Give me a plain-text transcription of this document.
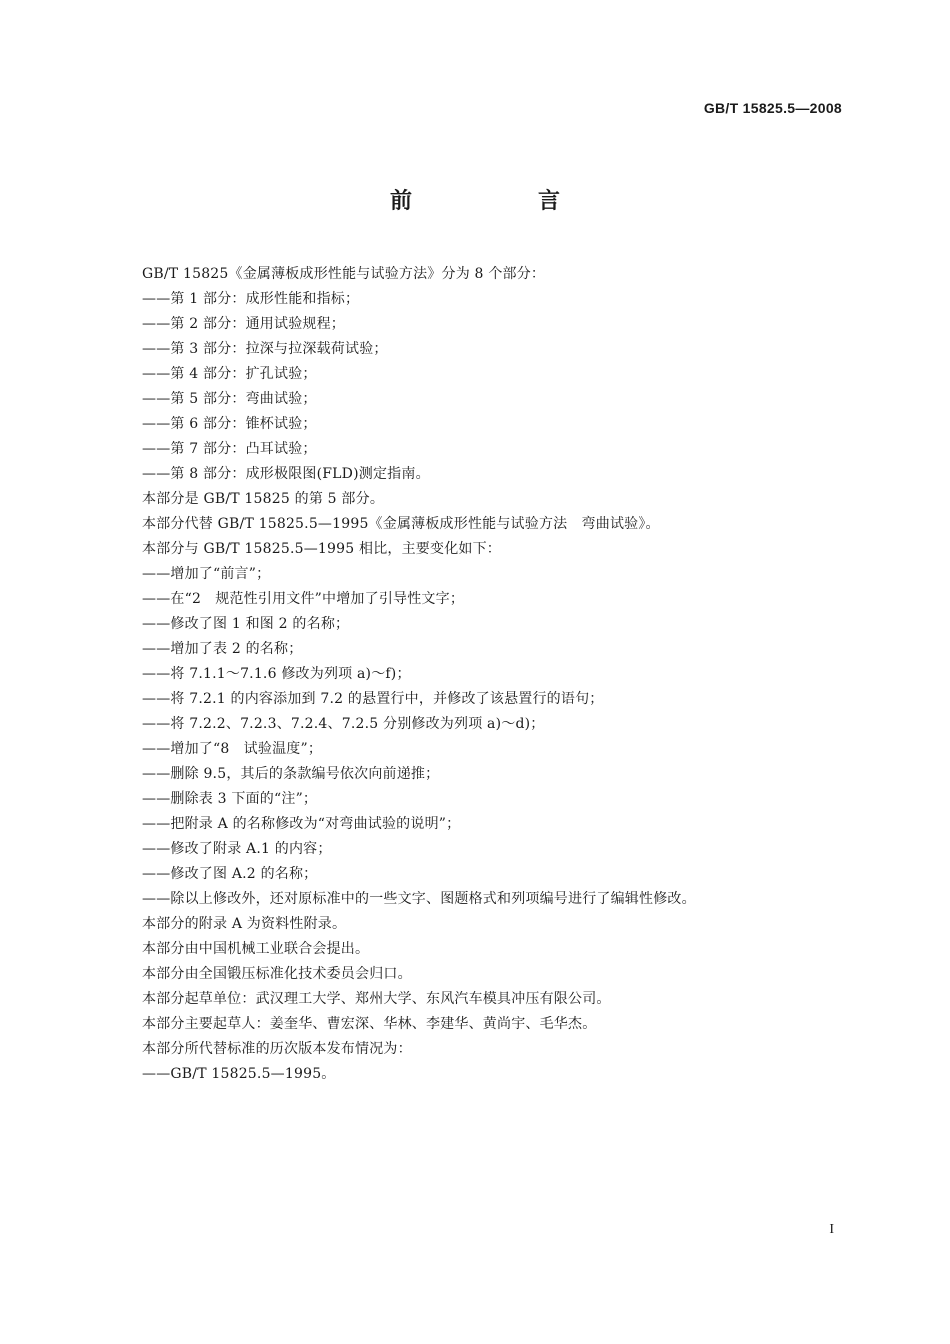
GB/T 15825.5—2008
前　言
GB/T 15825《金属薄板成形性能与试验方法》分为 8 个部分：
——第 1 部分：成形性能和指标；
——第 2 部分：通用试验规程；
——第 3 部分：拉深与拉深载荷试验；
——第 4 部分：扩孔试验；
——第 5 部分：弯曲试验；
——第 6 部分：锥杯试验；
——第 7 部分：凸耳试验；
——第 8 部分：成形极限图(FLD)测定指南。
本部分是 GB/T 15825 的第 5 部分。
本部分代替 GB/T 15825.5—1995《金属薄板成形性能与试验方法　弯曲试验》。
本部分与 GB/T 15825.5—1995 相比，主要变化如下：
——增加了“前言”；
——在“2　规范性引用文件”中增加了引导性文字；
——修改了图 1 和图 2 的名称；
——增加了表 2 的名称；
——将 7.1.1～7.1.6 修改为列项 a)～f)；
——将 7.2.1 的内容添加到 7.2 的悬置行中，并修改了该悬置行的语句；
——将 7.2.2、7.2.3、7.2.4、7.2.5 分别修改为列项 a)～d)；
——增加了“8　试验温度”；
——删除 9.5，其后的条款编号依次向前递推；
——删除表 3 下面的“注”；
——把附录 A 的名称修改为“对弯曲试验的说明”；
——修改了附录 A.1 的内容；
——修改了图 A.2 的名称；
——除以上修改外，还对原标准中的一些文字、图题格式和列项编号进行了编辑性修改。
本部分的附录 A 为资料性附录。
本部分由中国机械工业联合会提出。
本部分由全国锻压标准化技术委员会归口。
本部分起草单位：武汉理工大学、郑州大学、东风汽车模具冲压有限公司。
本部分主要起草人：姜奎华、曹宏深、华林、李建华、黄尚宇、毛华杰。
本部分所代替标准的历次版本发布情况为：
——GB/T 15825.5—1995。
I
